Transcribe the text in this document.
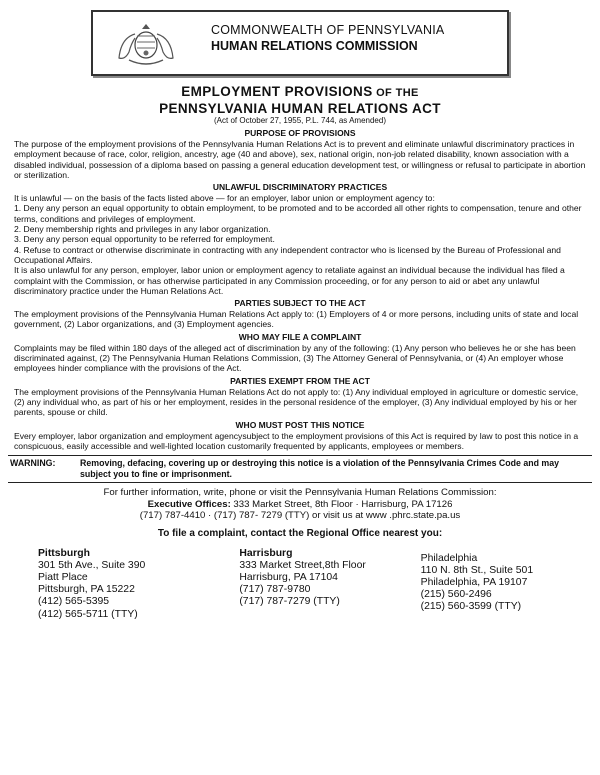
COMMONWEALTH OF PENNSYLVANIA
HUMAN RELATIONS COMMISSION
EMPLOYMENT PROVISIONS OF THE
PENNSYLVANIA HUMAN RELATIONS ACT
(Act of October 27, 1955, P.L. 744, as Amended)
PURPOSE OF PROVISIONS
The purpose of the employment provisions of the Pennsylvania Human Relations Act is to prevent and eliminate unlawful discriminatory practices in employment because of race, color, religion, ancestry, age (40 and above), sex, national origin, non-job related disability, known association with a disabled individual, possession of a diploma based on passing a general education development test, or willingness or refusal to participate in abortion or sterilization.
UNLAWFUL DISCRIMINATORY PRACTICES
It is unlawful — on the basis of the facts listed above — for an employer, labor union or employment agency to:
1. Deny any person an equal opportunity to obtain employment, to be promoted and to be accorded all other rights to compensation, tenure and other terms, conditions and privileges of employment.
2. Deny membership rights and privileges in any labor organization.
3. Deny any person equal opportunity to be referred for employment.
4. Refuse to contract or otherwise discriminate in contracting with any independent contractor who is licensed by the Bureau of Professional and Occupational Affairs.
It is also unlawful for any person, employer, labor union or employment agency to retaliate against an individual because the individual has filed a complaint with the Commission, or has otherwise participated in any Commission proceeding, or for any person to aid or abet any unlawful discriminatory practice under the Human Relations Act.
PARTIES SUBJECT TO THE ACT
The employment provisions of the Pennsylvania Human Relations Act apply to: (1) Employers of 4 or more persons, including units of state and local government, (2) Labor organizations, and (3) Employment agencies.
WHO MAY FILE A COMPLAINT
Complaints may be filed within 180 days of the alleged act of discrimination by any of the following: (1) Any person who believes he or she has been discriminated against, (2) The Pennsylvania Human Relations Commission, (3) The Attorney General of Pennsylvania, or (4) An employer whose employees hinder compliance with the provisions of the Act.
PARTIES EXEMPT FROM THE ACT
The employment provisions of the Pennsylvania Human Relations Act do not apply to: (1) Any individual employed in agriculture or domestic service, (2) any individual who, as part of his or her employment, resides in the personal residence of the employer, (3) Any individual employed by his or her parents, spouse or child.
WHO MUST POST THIS NOTICE
Every employer, labor organization and employment agencysubject to the employment provisions of this Act is required by law to post this notice in a conspicuous, easily accessible and well-lighted location customarily frequented by applicants, employees or members.
WARNING:	Removing, defacing, covering up or destroying this notice is a violation of the Pennsylvania Crimes Code and may subject you to fine or imprisonment.
For further information, write, phone or visit the Pennsylvania Human Relations Commission:
Executive Offices: 333 Market Street, 8th Floor · Harrisburg, PA 17126
(717) 787-4410 · (717) 787- 7279 (TTY) or visit us at www .phrc.state.pa.us
To file a complaint, contact the Regional Office nearest you:
Pittsburgh
301 5th Ave., Suite 390
Piatt Place
Pittsburgh, PA 15222
(412) 565-5395
(412) 565-5711 (TTY)
Harrisburg
333 Market Street,8th Floor
Harrisburg, PA 17104
(717) 787-9780
(717) 787-7279 (TTY)
Philadelphia
110 N. 8th St., Suite 501
Philadelphia, PA 19107
(215) 560-2496
(215) 560-3599 (TTY)
